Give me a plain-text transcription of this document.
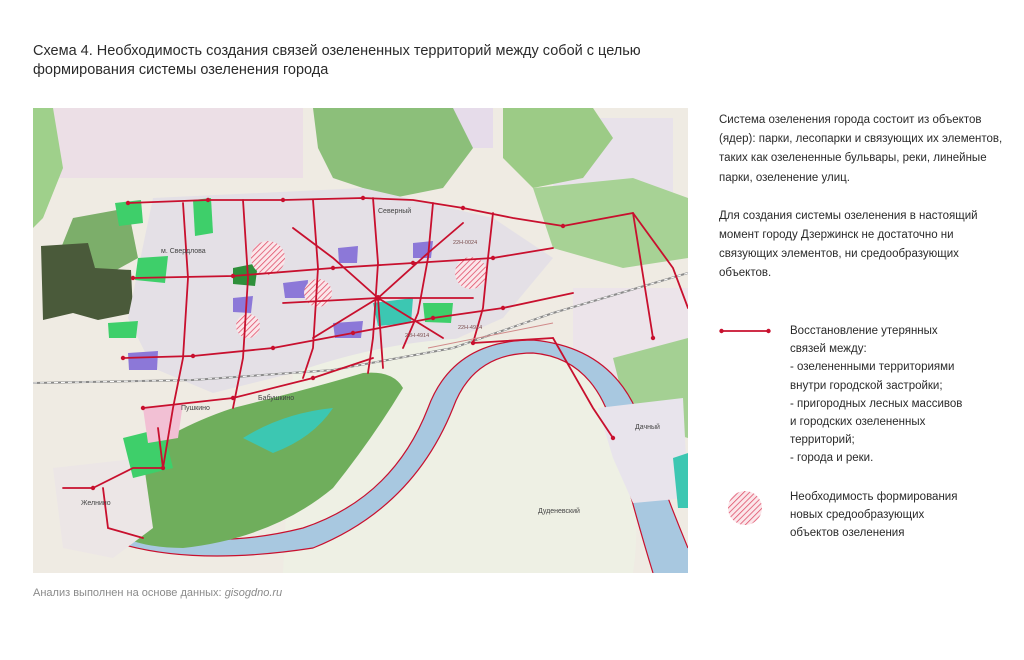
Схема 4. Необходимость создания связей озелененных территорий между собой с целью
формирования системы озеленения города
м. Свердлова
Северный
Пушкино
Бабушкино
Желнино
Дачный
Дуденевский
22Н-4914
22Н-4914
22Н-0024
Анализ выполнен на основе данных: gisogdno.ru

Система озеленения города состоит из объектов (ядер): парки, лесопарки и связующих их элементов, таких как озелененные бульвары, реки, линейные парки, озеленение улиц.

Для создания системы озеленения в настоящий момент городу Дзержинск не достаточно ни связующих элементов, ни средообразующих объектов.

Восстановление утерянных
связей между:
- озелененными территориями
внутри городской застройки;
- пригородных лесных массивов
и городских озелененных
территорий;
- города и реки.
Необходимость формирования
новых средообразующих
объектов озеленения
